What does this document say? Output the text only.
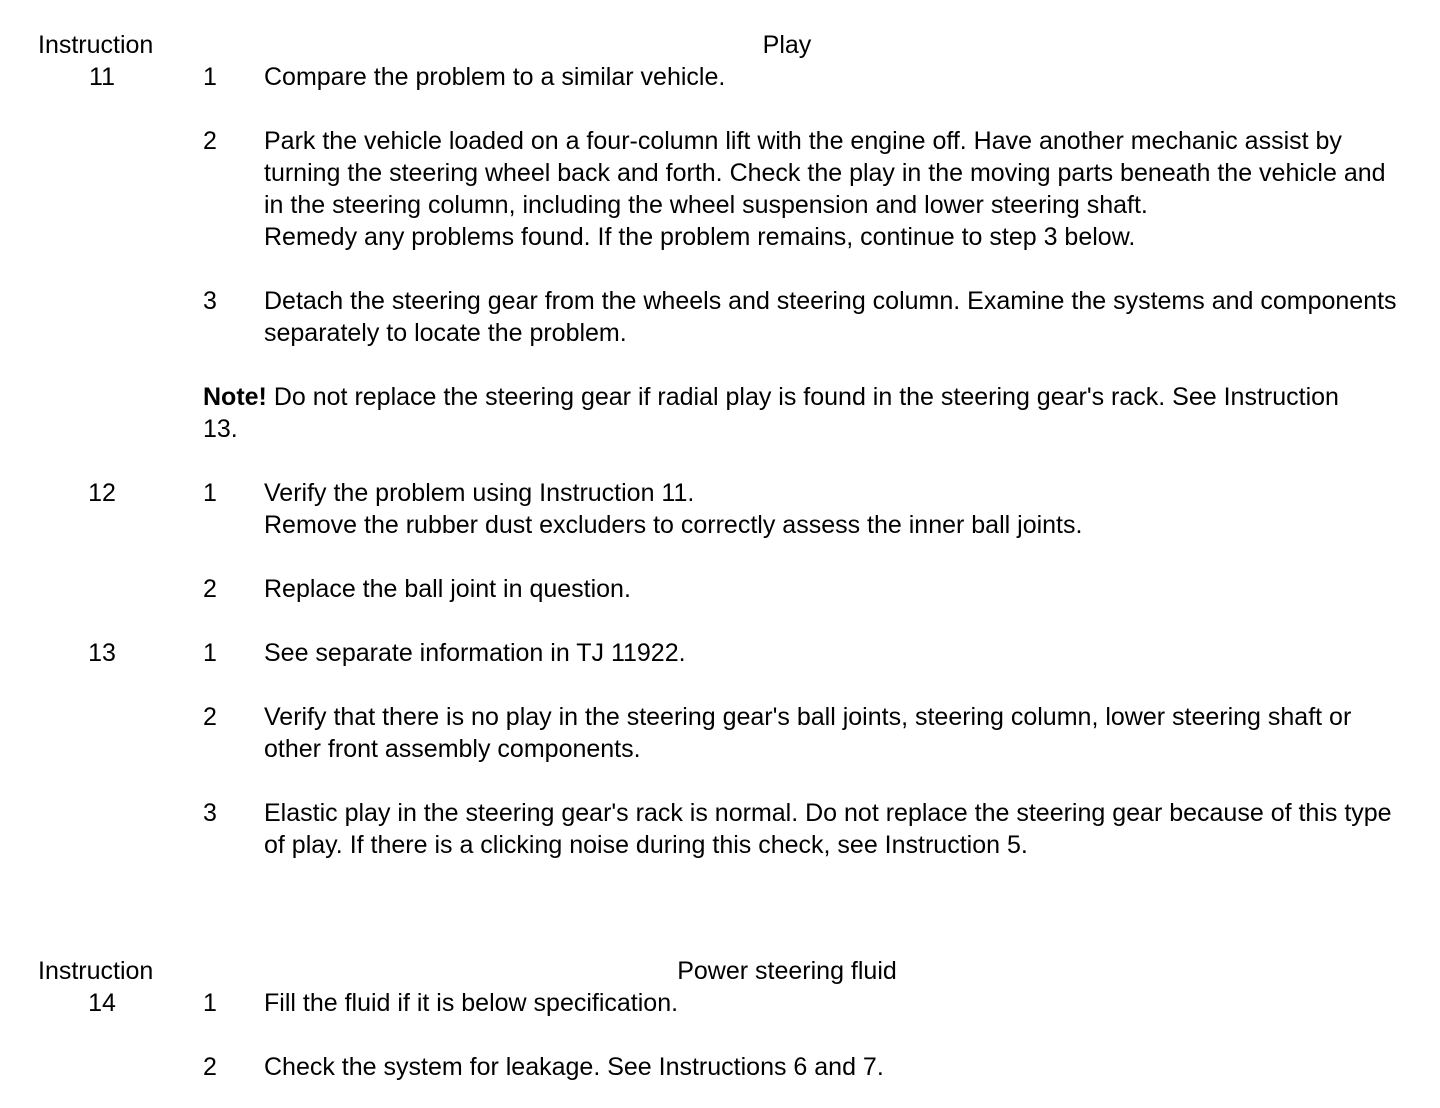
Instruction	Play
11	1 Compare the problem to a similar vehicle.
2 Park the vehicle loaded on a four-column lift with the engine off. Have another mechanic assist by turning the steering wheel back and forth. Check the play in the moving parts beneath the vehicle and in the steering column, including the wheel suspension and lower steering shaft.
Remedy any problems found. If the problem remains, continue to step 3 below.
3 Detach the steering gear from the wheels and steering column. Examine the systems and components separately to locate the problem.
Note! Do not replace the steering gear if radial play is found in the steering gear's rack. See Instruction 13.
12	1 Verify the problem using Instruction 11.
Remove the rubber dust excluders to correctly assess the inner ball joints.
2 Replace the ball joint in question.
13	1 See separate information in TJ 11922.
2 Verify that there is no play in the steering gear's ball joints, steering column, lower steering shaft or other front assembly components.
3 Elastic play in the steering gear's rack is normal. Do not replace the steering gear because of this type of play. If there is a clicking noise during this check, see Instruction 5.
Instruction	Power steering fluid
14	1 Fill the fluid if it is below specification.
2 Check the system for leakage. See Instructions 6 and 7.
